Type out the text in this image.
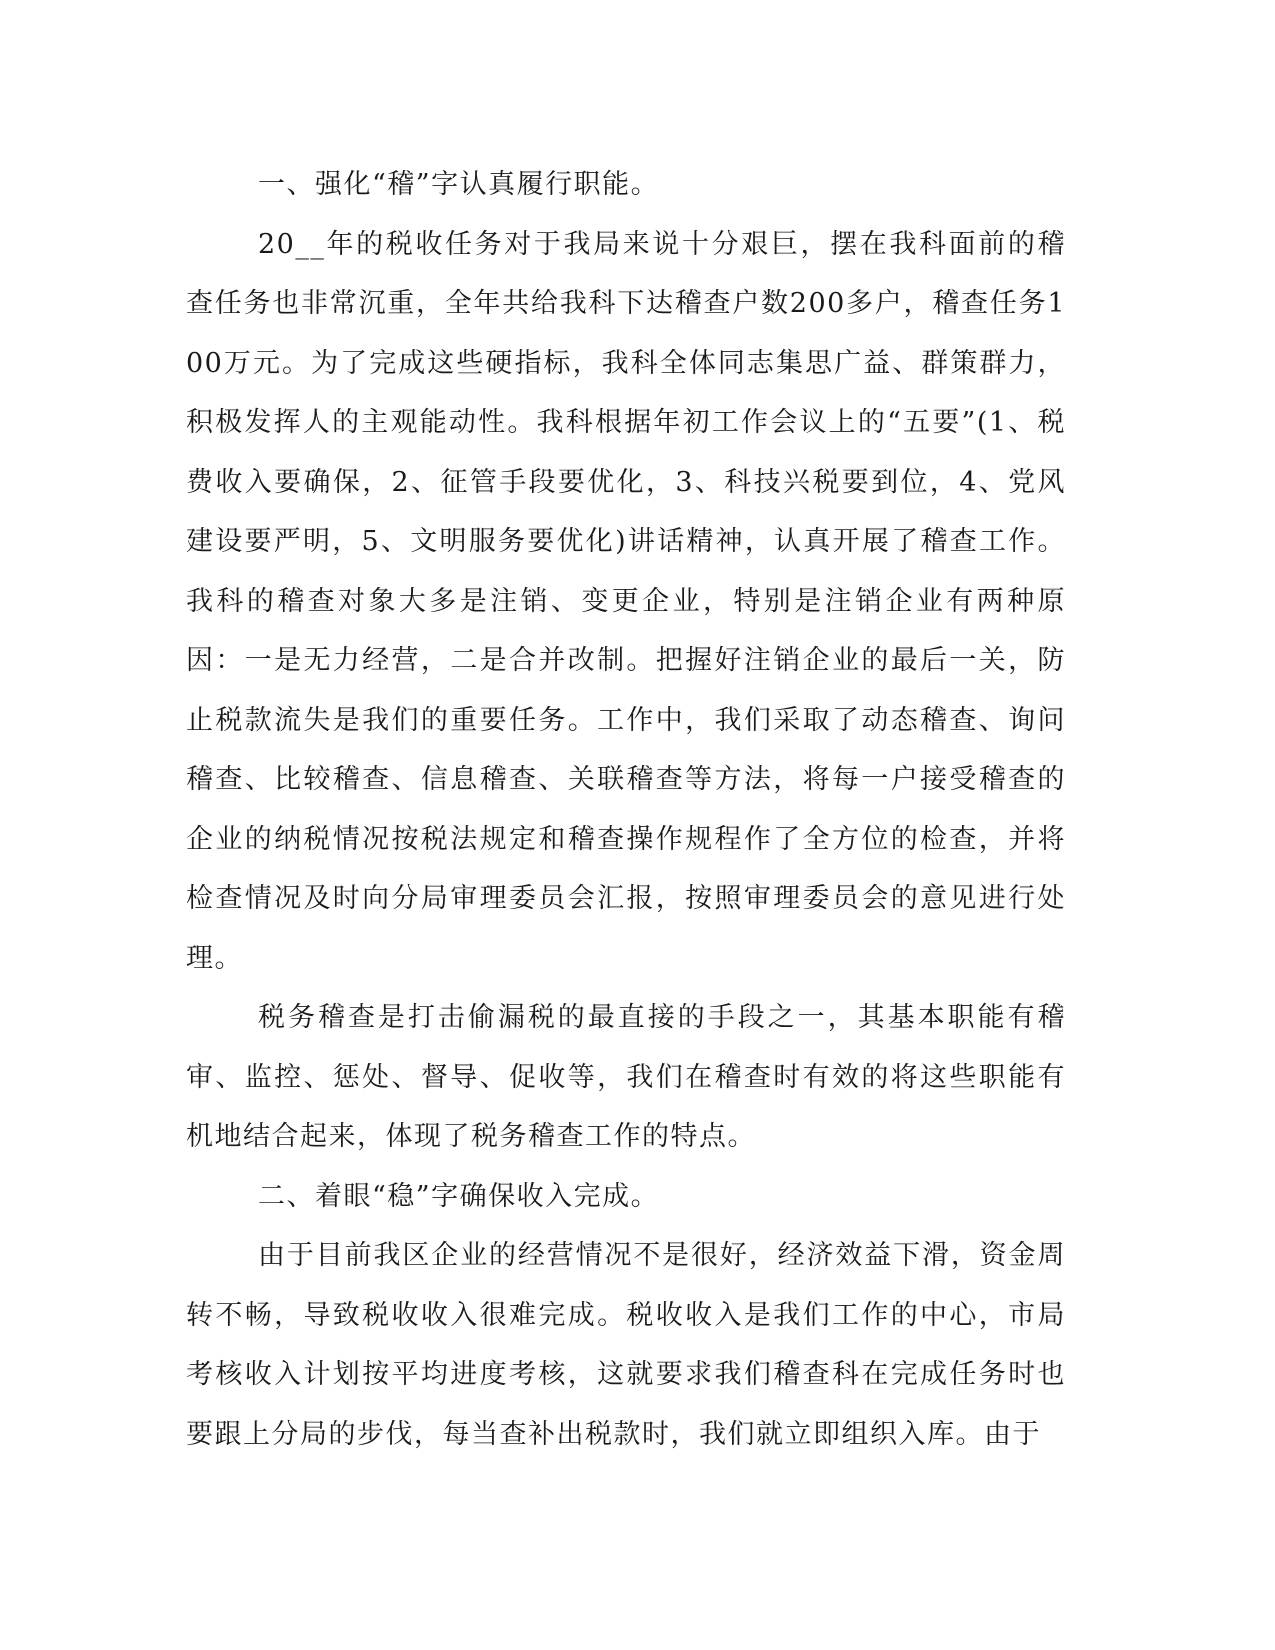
一、强化“稽”字认真履行职能。

20__年的税收任务对于我局来说十分艰巨，摆在我科面前的稽查任务也非常沉重，全年共给我科下达稽查户数200多户，稽查任务100万元。为了完成这些硬指标，我科全体同志集思广益、群策群力，积极发挥人的主观能动性。我科根据年初工作会议上的“五要”(1、税费收入要确保，2、征管手段要优化，3、科技兴税要到位，4、党风建设要严明，5、文明服务要优化)讲话精神，认真开展了稽查工作。我科的稽查对象大多是注销、变更企业，特别是注销企业有两种原因：一是无力经营，二是合并改制。把握好注销企业的最后一关，防止税款流失是我们的重要任务。工作中，我们采取了动态稽查、询问稽查、比较稽查、信息稽查、关联稽查等方法，将每一户接受稽查的企业的纳税情况按税法规定和稽查操作规程作了全方位的检查，并将检查情况及时向分局审理委员会汇报，按照审理委员会的意见进行处理。

税务稽查是打击偷漏税的最直接的手段之一，其基本职能有稽审、监控、惩处、督导、促收等，我们在稽查时有效的将这些职能有机地结合起来，体现了税务稽查工作的特点。

二、着眼“稳”字确保收入完成。

由于目前我区企业的经营情况不是很好，经济效益下滑，资金周转不畅，导致税收收入很难完成。税收收入是我们工作的中心，市局考核收入计划按平均进度考核，这就要求我们稽查科在完成任务时也要跟上分局的步伐，每当查补出税款时，我们就立即组织入库。由于
